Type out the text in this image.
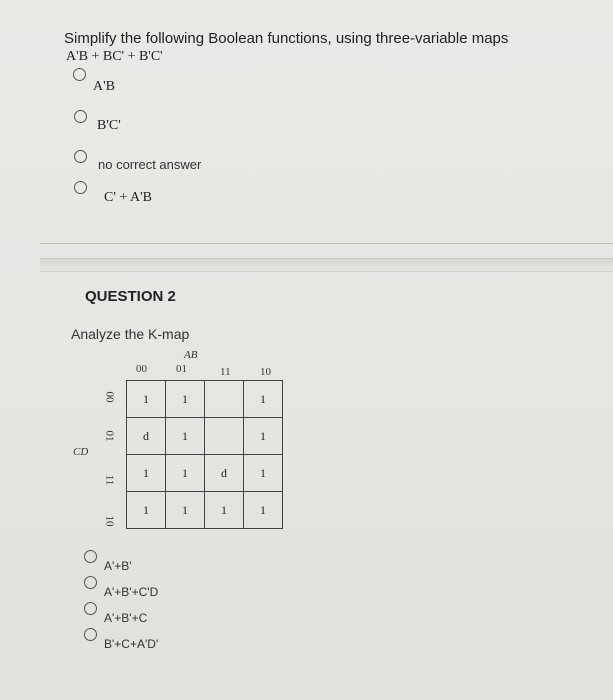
Simplify the following Boolean functions, using three-variable maps
A'B + BC' + B'C'
A'B
B'C'
no correct answer
C' + A'B
QUESTION 2
Analyze the K-map
AB
00	01	11	10
CD
00
01
11
10
1	1		1
d	1		1
1	1	d	1
1	1	1	1
A'+B'
A'+B'+C'D
A'+B'+C
B'+C+A'D'
